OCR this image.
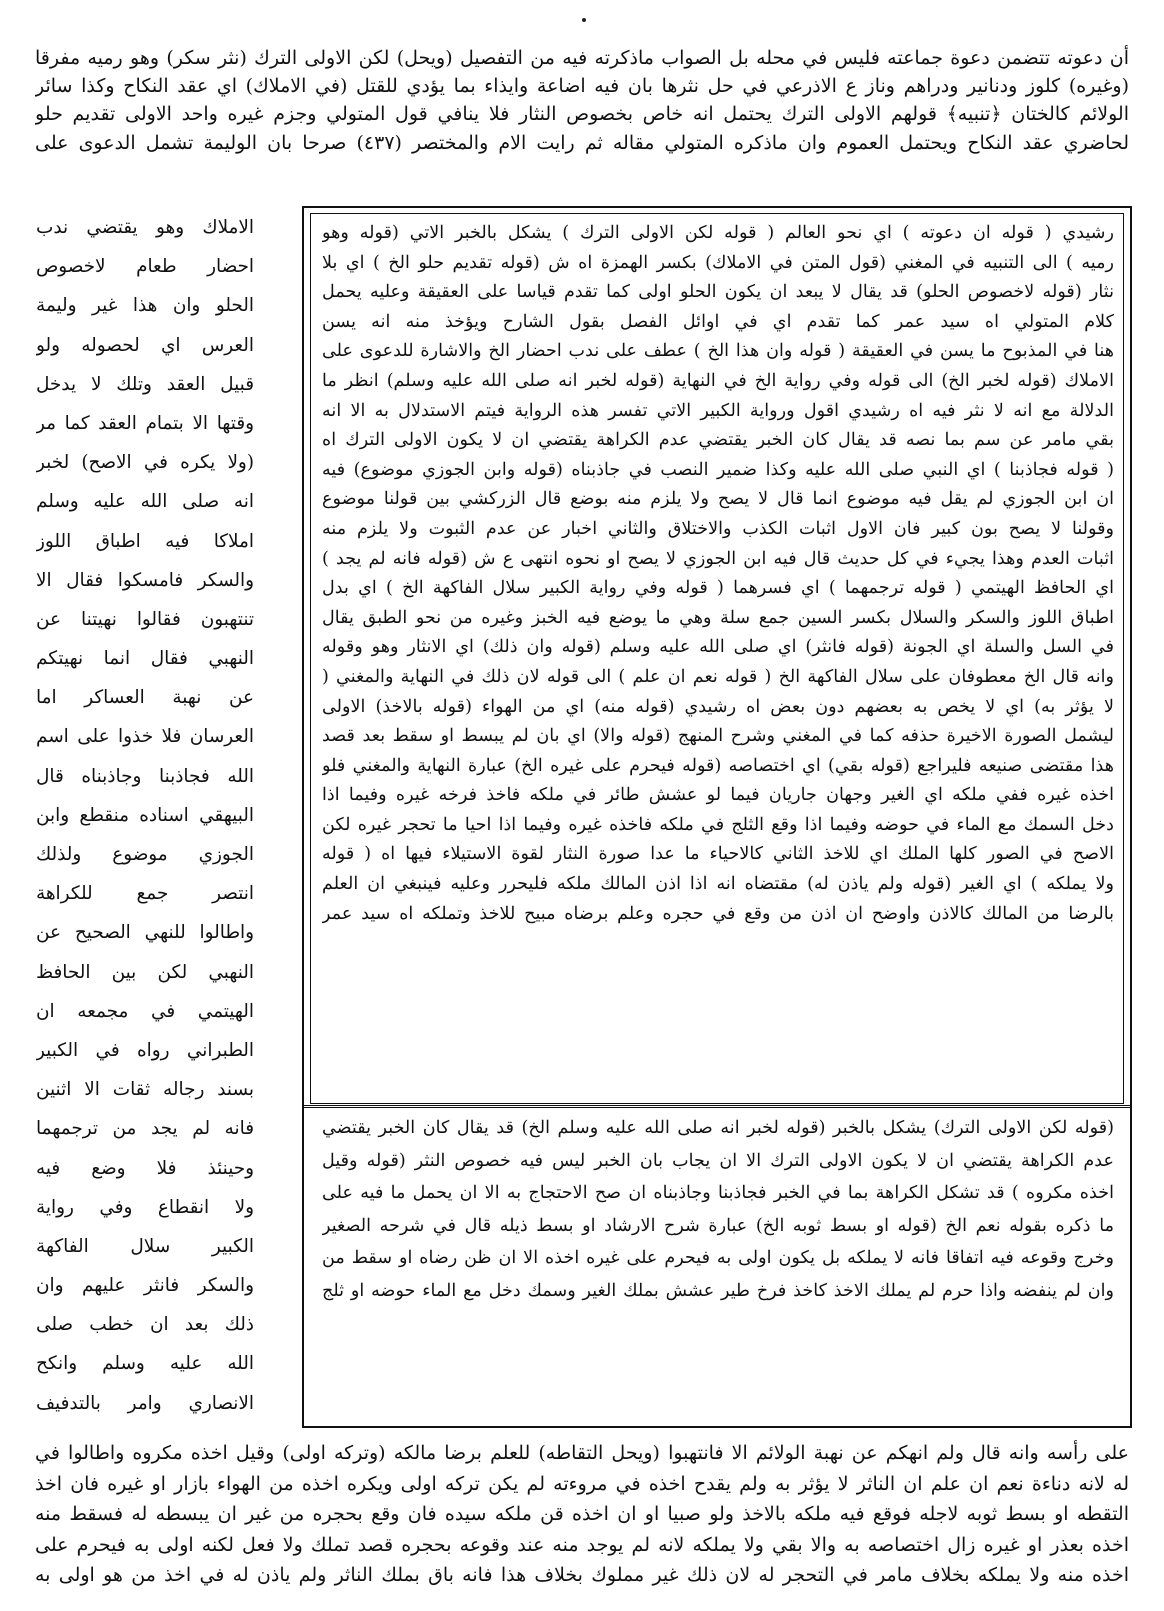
أن دعوته تتضمن دعوة جماعته فليس في محله بل الصواب ماذكرته فيه من التفصيل (ويحل) لكن الاولى الترك (نثر سكر) وهو رميه مفرقا
(وغيره) كلوز ودنانير ودراهم وناز ع الاذرعي في حل نثرها بان فيه اضاعة وايذاء بما يؤدي للقتل (في الاملاك) اي عقد النكاح وكذا سائر
الولائم كالختان ﴿تنبيه﴾ قولهم الاولى الترك يحتمل انه خاص بخصوص النثار فلا ينافي قول المتولي وجزم غيره واحد الاولى تقديم حلو
لحاضري عقد النكاح ويحتمل العموم وان ماذكره المتولي مقاله ثم رايت الام والمختصر (٤٣٧) صرحا بان الوليمة تشمل الدعوى على
الاملاك وهو يقتضي ندب
احضار طعام لاخصوص
الحلو وان هذا غير وليمة
العرس اي لحصوله ولو
قبيل العقد وتلك لا يدخل
وقتها الا بتمام العقد كما مر
(ولا يكره في الاصح) لخبر
انه صلى الله عليه وسلم
املاكا فيه اطباق اللوز
والسكر فامسكوا فقال الا
تنتهبون فقالوا نهيتنا عن
النهبي فقال انما نهيتكم
عن نهبة العساكر اما
العرسان فلا خذوا على اسم
الله فجاذبنا وجاذبناه قال
البيهقي اسناده منقطع وابن
الجوزي موضوع ولذلك
انتصر جمع للكراهة
واطالوا للنهي الصحيح عن
النهبي لكن بين الحافظ
الهيتمي في مجمعه ان
الطبراني رواه في الكبير
بسند رجاله ثقات الا اثنين
فانه لم يجد من ترجمهما
وحينئذ فلا وضع فيه
ولا انقطاع وفي رواية
الكبير سلال الفاكهة
والسكر فانثر عليهم وان
ذلك بعد ان خطب صلى
الله عليه وسلم وانكح
الانصاري وامر بالتدفيف
رشيدي ( قوله ان دعوته ) اي نحو العالم ( قوله لكن الاولى الترك ) يشكل بالخبر الاتي (قوله وهو
رميه ) الى التنبيه في المغني (قول المتن في الاملاك) بكسر الهمزة اه ش (قوله تقديم حلو الخ ) اي بلا
نثار (قوله لاخصوص الحلو) قد يقال لا يبعد ان يكون الحلو اولى كما تقدم قياسا على العقيقة وعليه يحمل
كلام المتولي اه سيد عمر كما تقدم اي في اوائل الفصل بقول الشارح ويؤخذ منه انه يسن
هنا في المذبوح ما يسن في العقيقة ( قوله وان هذا الخ ) عطف على ندب احضار الخ والاشارة للدعوى على
الاملاك (قوله لخبر الخ) الى قوله وفي رواية الخ في النهاية (قوله لخبر انه صلى الله عليه وسلم) انظر ما
الدلالة مع انه لا نثر فيه اه رشيدي اقول ورواية الكبير الاتي تفسر هذه الرواية فيتم الاستدلال به الا انه
بقي مامر عن سم بما نصه قد يقال كان الخبر يقتضي عدم الكراهة يقتضي ان لا يكون الاولى الترك اه
( قوله فجاذبنا ) اي النبي صلى الله عليه وكذا ضمير النصب في جاذبناه (قوله وابن الجوزي موضوع) فيه
ان ابن الجوزي لم يقل فيه موضوع انما قال لا يصح ولا يلزم منه بوضع قال الزركشي بين قولنا موضوع
وقولنا لا يصح بون كبير فان الاول اثبات الكذب والاختلاق والثاني اخبار عن عدم الثبوت ولا يلزم منه
اثبات العدم وهذا يجيء في كل حديث قال فيه ابن الجوزي لا يصح او نحوه انتهى ع ش (قوله فانه لم يجد )
اي الحافظ الهيتمي ( قوله ترجمهما ) اي فسرهما ( قوله وفي رواية الكبير سلال الفاكهة الخ ) اي بدل
اطباق اللوز والسكر والسلال بكسر السين جمع سلة وهي ما يوضع فيه الخبز وغيره من نحو الطبق يقال
في السل والسلة اي الجونة (قوله فانثر) اي صلى الله عليه وسلم (قوله وان ذلك) اي الانثار وهو وقوله
وانه قال الخ معطوفان على سلال الفاكهة الخ ( قوله نعم ان علم ) الى قوله لان ذلك في النهاية والمغني (
لا يؤثر به) اي لا يخص به بعضهم دون بعض اه رشيدي (قوله منه) اي من الهواء (قوله بالاخذ) الاولى
ليشمل الصورة الاخيرة حذفه كما في المغني وشرح المنهج (قوله والا) اي بان لم يبسط او سقط بعد قصد
هذا مقتضى صنيعه فليراجع (قوله بقي) اي اختصاصه (قوله فيحرم على غيره الخ) عبارة النهاية والمغني فلو
اخذه غيره ففي ملكه اي الغير وجهان جاريان فيما لو عشش طائر في ملكه فاخذ فرخه غيره وفيما اذا
دخل السمك مع الماء في حوضه وفيما اذا وقع الثلج في ملكه فاخذه غيره وفيما اذا احيا ما تحجر غيره لكن
الاصح في الصور كلها الملك اي للاخذ الثاني كالاحياء ما عدا صورة النثار لقوة الاستيلاء فيها اه ( قوله
ولا يملكه ) اي الغير (قوله ولم ياذن له) مقتضاه انه اذا اذن المالك ملكه فليحرر وعليه فينبغي ان العلم
بالرضا من المالك كالاذن واوضح ان اذن من وقع في حجره وعلم برضاه مبيح للاخذ وتملكه اه سيد عمر
(قوله لكن الاولى الترك) يشكل بالخبر (قوله لخبر انه صلى الله عليه وسلم الخ) قد يقال كان الخبر يقتضي
عدم الكراهة يقتضي ان لا يكون الاولى الترك الا ان يجاب بان الخبر ليس فيه خصوص النثر (قوله وقيل
اخذه مكروه ) قد تشكل الكراهة بما في الخبر فجاذبنا وجاذبناه ان صح الاحتجاج به الا ان يحمل ما فيه على
ما ذكره بقوله نعم الخ (قوله او بسط ثوبه الخ) عبارة شرح الارشاد او بسط ذيله قال في شرحه الصغير
وخرج وقوعه فيه اتفاقا فانه لا يملكه بل يكون اولى به فيحرم على غيره اخذه الا ان ظن رضاه او سقط من
وان لم ينفضه واذا حرم لم يملك الاخذ كاخذ فرخ طير عشش بملك الغير وسمك دخل مع الماء حوضه او ثلج
على رأسه وانه قال ولم انهكم عن نهبة الولائم الا فانتهبوا (ويحل التقاطه) للعلم برضا مالكه (وتركه اولى) وقيل اخذه مكروه واطالوا في
له لانه دناءة نعم ان علم ان الناثر لا يؤثر به ولم يقدح اخذه في مروءته لم يكن تركه اولى ويكره اخذه من الهواء بازار او غيره فان اخذ
التقطه او بسط ثوبه لاجله فوقع فيه ملكه بالاخذ ولو صبيا او ان اخذه قن ملكه سيده فان وقع بحجره من غير ان يبسطه له فسقط منه
اخذه بعذر او غيره زال اختصاصه به والا بقي ولا يملكه لانه لم يوجد منه عند وقوعه بحجره قصد تملك ولا فعل لكنه اولى به فيحرم على
اخذه منه ولا يملكه بخلاف مامر في التحجر له لان ذلك غير مملوك بخلاف هذا فانه باق بملك الناثر ولم ياذن له في اخذ من هو اولى به
